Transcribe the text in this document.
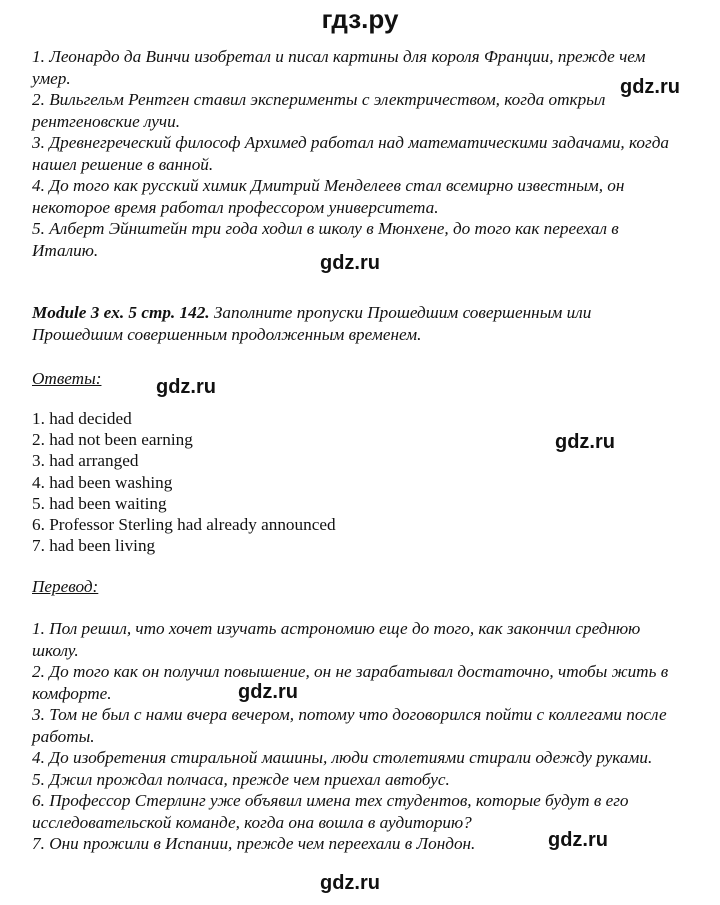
гдз.ру
1. Леонардо да Винчи изобретал и писал картины для короля Франции, прежде чем
умер.
2. Вильгельм Рентген ставил эксперименты с электричеством, когда открыл
рентгеновские лучи.
3. Древнегреческий философ Архимед работал над математическими задачами, когда
нашел решение в ванной.
4. До того как русский химик Дмитрий Менделеев стал всемирно известным, он
некоторое время работал профессором университета.
5. Алберт Эйнштейн три года ходил в школу в Мюнхене, до того как переехал в
Италию.
gdz.ru
gdz.ru
Module 3 ex. 5 стр. 142. Заполните пропуски Прошедшим совершенным или
Прошедшим совершенным продолженным временем.
Ответы:	gdz.ru
1. had decided
2. had not been earning
3. had arranged
4. had been washing
5. had been waiting
6. Professor Sterling had already announced
7. had been living
gdz.ru
Перевод:
1. Пол решил, что хочет изучать астрономию еще до того, как закончил среднюю
школу.
2. До того как он получил повышение, он не зарабатывал достаточно, чтобы жить в
комфорте.
3. Том не был с нами вчера вечером, потому что договорился пойти с коллегами после
работы.
4. До изобретения стиральной машины, люди столетиями стирали одежду руками.
5. Джил прождал полчаса, прежде чем приехал автобус.
6. Профессор Стерлинг уже объявил имена тех студентов, которые будут в его
исследовательской команде, когда она вошла в аудиторию?
7. Они прожили в Испании, прежде чем переехали в Лондон.
gdz.ru
gdz.ru
gdz.ru
